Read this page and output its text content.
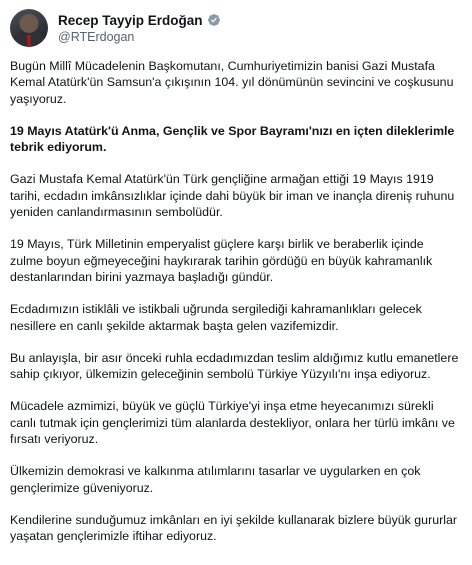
Recep Tayyip Erdoğan
@RTErdogan

Bugün Millî Mücadelenin Başkomutanı, Cumhuriyetimizin banisi Gazi Mustafa Kemal Atatürk'ün Samsun'a çıkışının 104. yıl dönümünün sevincini ve coşkusunu yaşıyoruz.

19 Mayıs Atatürk'ü Anma, Gençlik ve Spor Bayramı'nızı en içten dileklerimle tebrik ediyorum.

Gazi Mustafa Kemal Atatürk'ün Türk gençliğine armağan ettiği 19 Mayıs 1919 tarihi, ecdadın imkânsızlıklar içinde dahi büyük bir iman ve inançla direniş ruhunu yeniden canlandırmasının sembolüdür.

19 Mayıs, Türk Milletinin emperyalist güçlere karşı birlik ve beraberlik içinde zulme boyun eğmeyeceğini haykırarak tarihin gördüğü en büyük kahramanlık destanlarından birini yazmaya başladığı gündür.

Ecdadımızın istiklâli ve istikbali uğrunda sergilediği kahramanlıkları gelecek nesillere en canlı şekilde aktarmak başta gelen vazifemizdir.

Bu anlayışla, bir asır önceki ruhla ecdadımızdan teslim aldığımız kutlu emanetlere sahip çıkıyor, ülkemizin geleceğinin sembolü Türkiye Yüzyılı'nı inşa ediyoruz.

Mücadele azmimizi, büyük ve güçlü Türkiye'yi inşa etme heyecanımızı sürekli canlı tutmak için gençlerimizi tüm alanlarda destekliyor, onlara her türlü imkânı ve fırsatı veriyoruz.

Ülkemizin demokrasi ve kalkınma atılımlarını tasarlar ve uygularken en çok gençlerimize güveniyoruz.

Kendilerine sunduğumuz imkânları en iyi şekilde kullanarak bizlere büyük gururlar yaşatan gençlerimizle iftihar ediyoruz.
